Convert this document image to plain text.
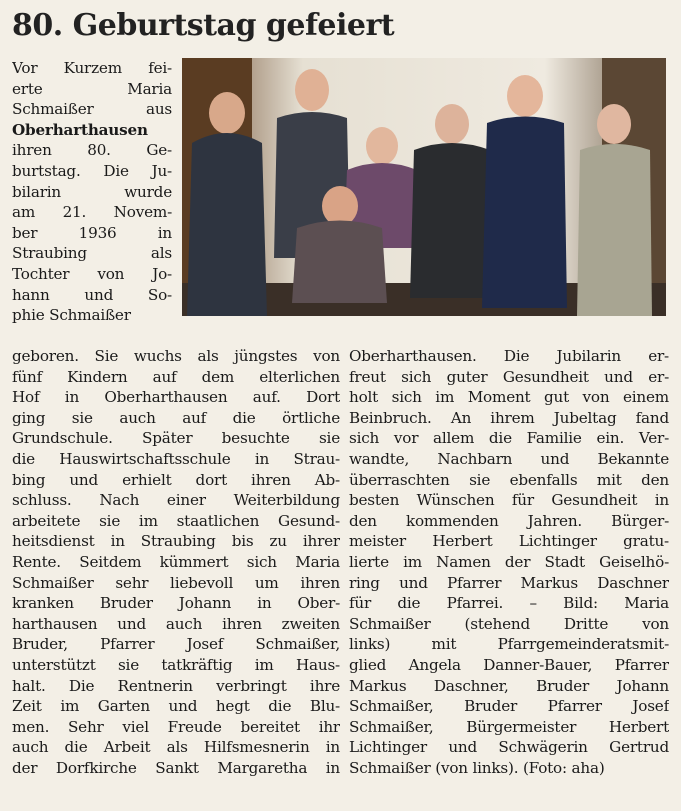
80. Geburtstag gefeiert
Vor Kurzem fei-
erte Maria
Schmaißer aus
Oberharthausen
ihren 80. Ge-
burtstag. Die Ju-
bilarin wurde
am 21. Novem-
ber 1936 in
Straubing als
Tochter von Jo-
hann und So-
phie Schmaißer
geboren. Sie wuchs als jüngstes von
fünf Kindern auf dem elterlichen
Hof in Oberharthausen auf. Dort
ging sie auch auf die örtliche
Grundschule. Später besuchte sie
die Hauswirtschaftsschule in Strau-
bing und erhielt dort ihren Ab-
schluss. Nach einer Weiterbildung
arbeitete sie im staatlichen Gesund-
heitsdienst in Straubing bis zu ihrer
Rente. Seitdem kümmert sich Maria
Schmaißer sehr liebevoll um ihren
kranken Bruder Johann in Ober-
harthausen und auch ihren zweiten
Bruder, Pfarrer Josef Schmaißer,
unterstützt sie tatkräftig im Haus-
halt. Die Rentnerin verbringt ihre
Zeit im Garten und hegt die Blu-
men. Sehr viel Freude bereitet ihr
auch die Arbeit als Hilfsmesnerin in
der Dorfkirche Sankt Margaretha in
Oberharthausen. Die Jubilarin er-
freut sich guter Gesundheit und er-
holt sich im Moment gut von einem
Beinbruch. An ihrem Jubeltag fand
sich vor allem die Familie ein. Ver-
wandte, Nachbarn und Bekannte
überraschten sie ebenfalls mit den
besten Wünschen für Gesundheit in
den kommenden Jahren. Bürger-
meister Herbert Lichtinger gratu-
lierte im Namen der Stadt Geiselhö-
ring und Pfarrer Markus Daschner
für die Pfarrei. – Bild: Maria
Schmaißer (stehend Dritte von
links) mit Pfarrgemeinderatsmit-
glied Angela Danner-Bauer, Pfarrer
Markus Daschner, Bruder Johann
Schmaißer, Bruder Pfarrer Josef
Schmaißer, Bürgermeister Herbert
Lichtinger und Schwägerin Gertrud
Schmaißer (von links). (Foto: aha)
